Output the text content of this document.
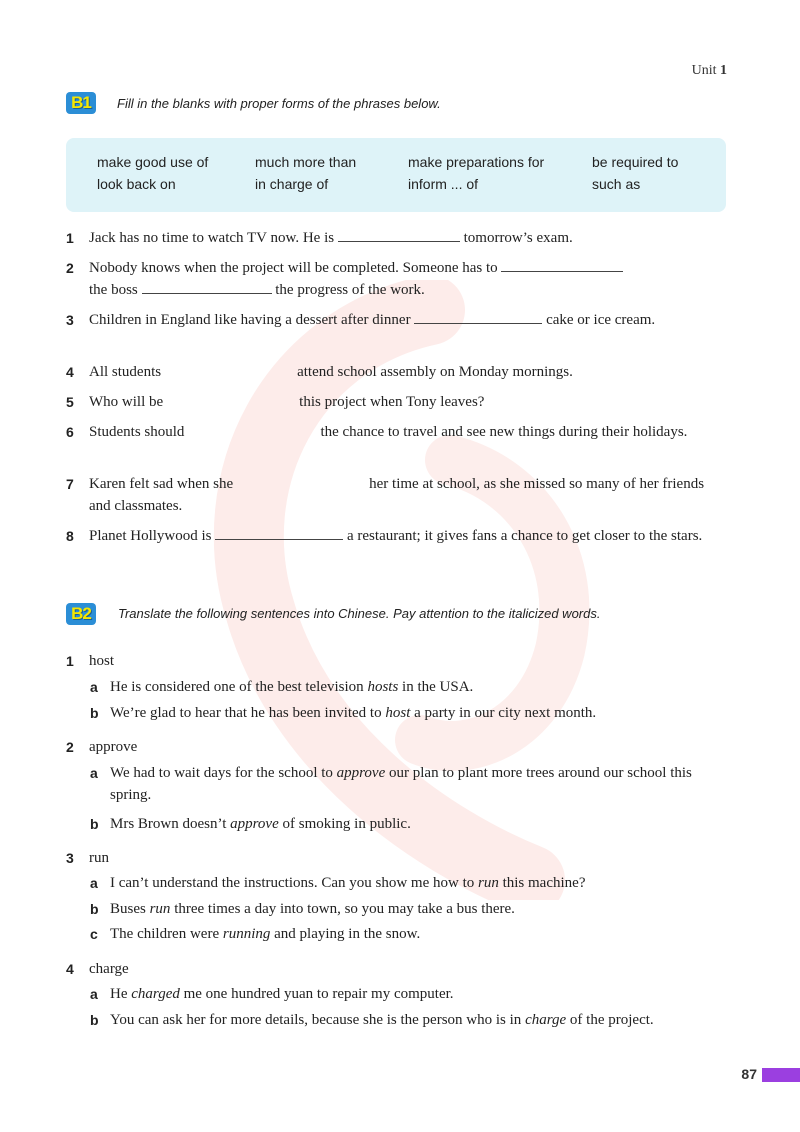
Unit 1
B1	Fill in the blanks with proper forms of the phrases below.
make good use of	much more than	make preparations for	be required to
look back on	in charge of	inform ... of	such as
1	Jack has no time to watch TV now. He is	tomorrow’s exam.
2	Nobody knows when the project will be completed. Someone has to
the boss	the progress of the work.
3	Children in England like having a dessert after dinner	cake or ice cream.
4	All students	attend school assembly on Monday mornings.
5	Who will be	this project when Tony leaves?
6	Students should	the chance to travel and see new things during their holidays.
7	Karen felt sad when she	her time at school, as she missed so many of her friends and classmates.
8	Planet Hollywood is	a restaurant; it gives fans a chance to get closer to the stars.
B2	Translate the following sentences into Chinese. Pay attention to the italicized words.
1	host
a He is considered one of the best television hosts in the USA.
b We’re glad to hear that he has been invited to host a party in our city next month.
2	approve
a We had to wait days for the school to approve our plan to plant more trees around our school this spring.
b Mrs Brown doesn’t approve of smoking in public.
3	run
a I can’t understand the instructions. Can you show me how to run this machine?
b Buses run three times a day into town, so you may take a bus there.
c The children were running and playing in the snow.
4	charge
a He charged me one hundred yuan to repair my computer.
b You can ask her for more details, because she is the person who is in charge of the project.
87
